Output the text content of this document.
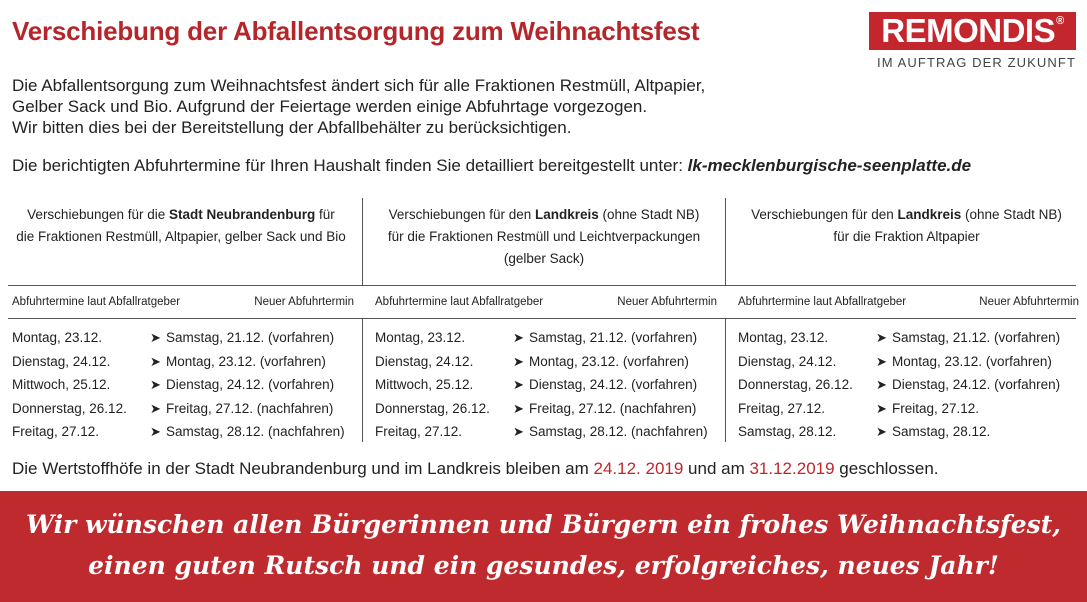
Verschiebung der Abfallentsorgung zum Weihnachtsfest	REMONDIS®
IM AUFTRAG DER ZUKUNFT

Die Abfallentsorgung zum Weihnachtsfest ändert sich für alle Fraktionen Restmüll, Altpapier,

Gelber Sack und Bio. Aufgrund der Feiertage werden einige Abfuhrtage vorgezogen.

Wir bitten dies bei der Bereitstellung der Abfallbehälter zu berücksichtigen.

Die berichtigten Abfuhrtermine für Ihren Haushalt finden Sie detailliert bereitgestellt unter: lk-mecklenburgische-seenplatte.de
Verschiebungen für die Stadt Neubrandenburg für
die Fraktionen Restmüll, Altpapier, gelber Sack und Bio
Abfuhrtermine laut Abfallratgeber	Neuer Abfuhrtermin
Montag, 23.12.	➤ Samstag, 21.12. (vorfahren)
Dienstag, 24.12.	➤ Montag, 23.12. (vorfahren)
Mittwoch, 25.12.	➤ Dienstag, 24.12. (vorfahren)
Donnerstag, 26.12. ➤ Freitag, 27.12. (nachfahren)
Freitag, 27.12.	➤ Samstag, 28.12. (nachfahren)
Verschiebungen für den Landkreis (ohne Stadt NB)
für die Fraktionen Restmüll und Leichtverpackungen
(gelber Sack)
Abfuhrtermine laut Abfallratgeber	Neuer Abfuhrtermin
Montag, 23.12.	➤ Samstag, 21.12. (vorfahren)
Dienstag, 24.12.	➤ Montag, 23.12. (vorfahren)
Mittwoch, 25.12.	➤ Dienstag, 24.12. (vorfahren)
Donnerstag, 26.12. ➤ Freitag, 27.12. (nachfahren)
Freitag, 27.12.	➤ Samstag, 28.12. (nachfahren)
Verschiebungen für den Landkreis (ohne Stadt NB)
für die Fraktion Altpapier
Abfuhrtermine laut Abfallratgeber	Neuer Abfuhrtermin
Montag, 23.12.	➤ Samstag, 21.12. (vorfahren)
Dienstag, 24.12.	➤ Montag, 23.12. (vorfahren)
Donnerstag, 26.12. ➤ Dienstag, 24.12. (vorfahren)
Freitag, 27.12.	➤ Freitag, 27.12.
Samstag, 28.12.	➤ Samstag, 28.12.
Die Wertstoffhöfe in der Stadt Neubrandenburg und im Landkreis bleiben am 24.12. 2019 und am 31.12.2019 geschlossen.
Wir wünschen allen Bürgerinnen und Bürgern ein frohes Weihnachtsfest,
einen guten Rutsch und ein gesundes, erfolgreiches, neues Jahr!
